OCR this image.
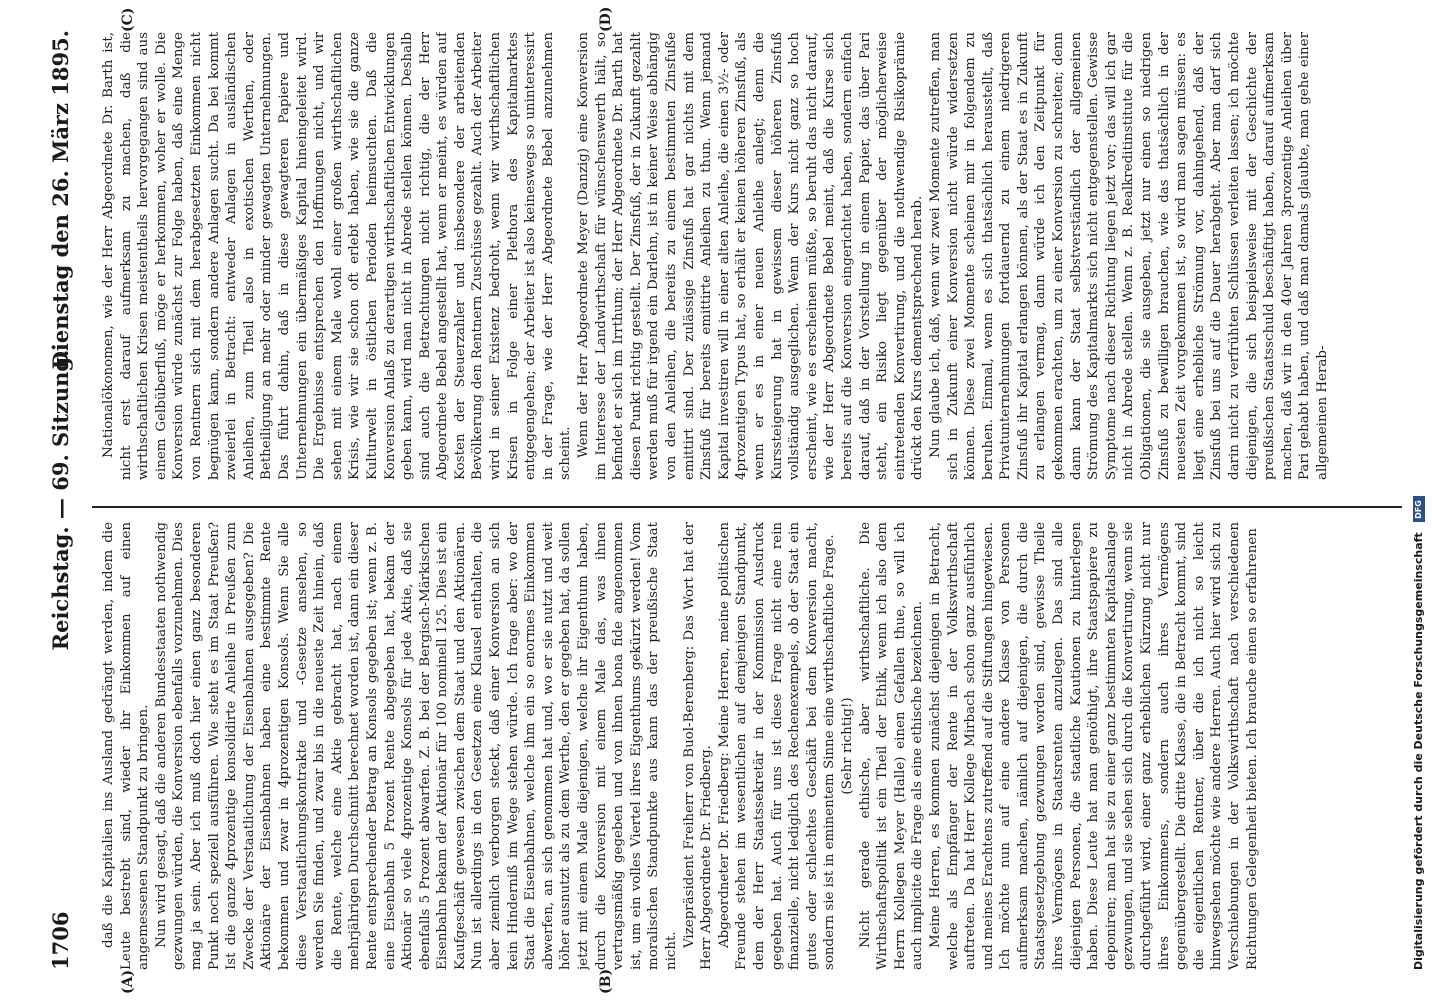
1706
Reichstag. — 69. Sitzung.
Dienstag den 26. März 1895.
(A)	(B)
(C)	(D)

daß die Kapitalien ins Ausland gedrängt werden, indem die Leute bestrebt sind, wieder ihr Einkommen auf einen angemessenen Standpunkt zu bringen. Nun wird gesagt, daß die anderen Bundesstaaten nothwendig gezwungen würden, die Konversion ebenfalls vorzunehmen. Dies mag ja sein. Aber ich muß doch hier einen ganz besonderen Punkt noch speziell ausführen. Wie steht es im Staat Preußen? Ist die ganze 4prozentige konsolidirte Anleihe in Preußen zum Zwecke der Verstaatlichung der Eisenbahnen ausgegeben? Die Aktionäre der Eisenbahnen haben eine bestimmte Rente bekommen und zwar in 4prozentigen Konsols. Wenn Sie alle diese Verstaatlichungskontrakte und -Gesetze ansehen, so werden Sie finden, und zwar bis in die neueste Zeit hinein, daß die Rente, welche eine Aktie gebracht hat, nach einem mehrjährigen Durchschnitt berechnet worden ist, dann ein dieser Rente entsprechender Betrag an Konsols gegeben ist; wenn z. B. eine Eisenbahn 5 Prozent Rente abgegeben hat, bekam der Aktionär so viele 4prozentige Konsols für jede Aktie, daß sie ebenfalls 5 Prozent abwarfen. Z. B. bei der Bergisch-Märkischen Eisenbahn bekam der Aktionär für 100 nominell 125. Dies ist ein Kaufgeschäft gewesen zwischen dem Staat und den Aktionären. Nun ist allerdings in den Gesetzen eine Klausel enthalten, die aber ziemlich verborgen steckt, daß einer Konversion an sich kein Hinderniß im Wege stehen würde. Ich frage aber: wo der Staat die Eisenbahnen, welche ihm ein so enormes Einkommen abwerfen, an sich genommen hat und, wo er sie nutzt und weit höher ausnutzt als zu dem Werthe, den er gegeben hat, da sollen jetzt mit einem Male diejenigen, welche ihr Eigenthum haben, durch die Konversion mit einem Male das, was ihnen vertragsmäßig gegeben und von ihnen bona fide angenommen ist, um ein volles Viertel ihres Eigenthums gekürzt werden! Vom moralischen Standpunkte aus kann das der preußische Staat nicht.

Vizepräsident Freiherr von Buol-Berenberg: Das Wort hat der Herr Abgeordnete Dr. Friedberg. Abgeordneter Dr. Friedberg: Meine Herren, meine politischen Freunde stehen im wesentlichen auf demjenigen Standpunkt, dem der Herr Staatssekretär in der Kommission Ausdruck gegeben hat. Auch für uns ist diese Frage nicht eine rein finanzielle, nicht lediglich des Rechenexempels, ob der Staat ein gutes oder schlechtes Geschäft bei dem Konversion macht, sondern sie ist in eminentem Sinne eine wirthschaftliche Frage. (Sehr richtig!) Nicht gerade ethische, aber wirthschaftliche. Die Wirthschaftspolitik ist ein Theil der Ethik, wenn ich also dem Herrn Kollegen Meyer (Halle) einen Gefallen thue, so will ich auch implicite die Frage als eine ethische bezeichnen. Meine Herren, es kommen zunächst diejenigen in Betracht, welche als Empfänger der Rente in der Volkswirthschaft auftreten. Da hat Herr Kollege Mirbach schon ganz ausführlich und meines Erachtens zutreffend auf die Stiftungen hingewiesen. Ich möchte nun auf eine andere Klasse von Personen aufmerksam machen, nämlich auf diejenigen, die durch die Staatsgesetzgebung gezwungen worden sind, gewisse Theile ihres Vermögens in Staatsrenten anzulegen. Das sind alle diejenigen Personen, die staatliche Kautionen zu hinterlegen haben. Diese Leute hat man genöthigt, ihre Staatspapiere zu deponiren; man hat sie zu einer ganz bestimmten Kapitalsanlage gezwungen, und sie sehen sich durch die Konvertirung, wenn sie durchgeführt wird, einer ganz erheblichen Kürzung nicht nur ihres Einkommens, sondern auch ihres Vermögens gegenübergestellt. Die dritte Klasse, die in Betracht kommt, sind die eigentlichen Rentner, über die ich nicht so leicht hinwegsehen möchte wie andere Herren. Auch hier wird sich zu Verschiebungen in der Volkswirthschaft nach verschiedenen Richtungen Gelegenheit bieten. Ich brauche einen so erfahrenen

Nationalökonomen, wie der Herr Abgeordnete Dr. Barth ist, nicht erst darauf aufmerksam zu machen, daß die wirthschaftlichen Krisen meistentheils hervorgegangen sind aus einem Gelbüberfluß, möge er herkommen, woher er wolle. Die Konversion würde zunächst zur Folge haben, daß eine Menge von Rentnern sich mit dem herabgesetzten Einkommen nicht begnügen kann, sondern andere Anlagen sucht. Da bei kommt zweierlei in Betracht: entweder Anlagen in ausländischen Anleihen, zum Theil also in exotischen Werthen, oder Betheiligung an mehr oder minder gewagten Unternehmungen. Das führt dahin, daß in diese gewagteren Papiere und Unternehmungen ein übermäßiges Kapital hineingeleitet wird. Die Ergebnisse entsprechen den Hoffnungen nicht, und wir sehen mit einem Male wohl einer großen wirthschaftlichen Krisis, wie wir sie schon oft erlebt haben, wie sie die ganze Kulturwelt in östlichen Perioden heimsuchten. Daß die Konversion Anlaß zu derartigen wirthschaftlichen Entwicklungen geben kann, wird man nicht in Abrede stellen können. Deshalb sind auch die Betrachtungen nicht richtig, die der Herr Abgeordnete Bebel angestellt hat, wenn er meint, es würden auf Kosten der Steuerzahler und insbesondere der arbeitenden Bevölkerung den Rentnern Zuschüsse gezahlt. Auch der Arbeiter wird in seiner Existenz bedroht, wenn wir wirthschaftlichen Krisen in Folge einer Plethora des Kapitalmarktes entgegengehen; der Arbeiter ist also keineswegs so uninteressirt in der Frage, wie der Herr Abgeordnete Bebel anzunehmen scheint. Wenn der Herr Abgeordnete Meyer (Danzig) eine Konversion im Interesse der Landwirthschaft für wünschenswerth hält, so befindet er sich im Irrthum; der Herr Abgeordnete Dr. Barth hat diesen Punkt richtig gestellt. Der Zinsfuß, der in Zukunft gezahlt werden muß für irgend ein Darlehn, ist in keiner Weise abhängig von den Anleihen, die bereits zu einem bestimmten Zinsfuße emittirt sind. Der zulässige Zinsfuß hat gar nichts mit dem Zinsfuß für bereits emittirte Anleihen zu thun. Wenn jemand Kapital investiren will in einer alten Anleihe, die einen 3½- oder 4prozentigen Typus hat, so erhält er keinen höheren Zinsfuß, als wenn er es in einer neuen Anleihe anlegt; denn die Kurssteigerung hat in gewissem dieser höheren Zinsfuß vollständig ausgeglichen. Wenn der Kurs nicht ganz so hoch erscheint, wie es erscheinen müßte, so beruht das nicht darauf, wie der Herr Abgeordnete Bebel meint, daß die Kurse sich bereits auf die Konversion eingerichtet haben, sondern einfach darauf, daß in der Vorstellung in einem Papier, das über Pari steht, ein Risiko liegt gegenüber der möglicherweise eintretenden Konvertirung, und die nothwendige Risikoprämie drückt den Kurs dementsprechend herab. Nun glaube ich, daß, wenn wir zwei Momente zutreffen, man sich in Zukunft einer Konversion nicht würde widersetzen können. Diese zwei Momente scheinen mir in folgendem zu beruhen. Einmal, wenn es sich thatsächlich herausstellt, daß Privatunternehmungen fortdauernd zu einem niedrigeren Zinsfuß ihr Kapital erlangen können, als der Staat es in Zukunft zu erlangen vermag, dann würde ich den Zeitpunkt für gekommen erachten, um zu einer Konversion zu schreiten; denn dann kann der Staat selbstverständlich der allgemeinen Strömung des Kapitalmarkts sich nicht entgegenstellen. Gewisse Symptome nach dieser Richtung liegen jetzt vor; das will ich gar nicht in Abrede stellen. Wenn z. B. Realkreditinstitute für die Obligationen, die sie ausgeben, jetzt nur einen so niedrigen Zinsfuß zu bewilligen brauchen, wie das thatsächlich in der neuesten Zeit vorgekommen ist, so wird man sagen müssen: es liegt eine erhebliche Strömung vor, dahingehend, daß der Zinsfuß bei uns auf die Dauer herabgeht. Aber man darf sich darin nicht zu verfrühten Schlüssen verleiten lassen; ich möchte diejenigen, die sich beispielsweise mit der Geschichte der preußischen Staatsschuld beschäftigt haben, darauf aufmerksam machen, daß wir in den 40er Jahren 3prozentige Anleihen über Pari gehabt haben, und daß man damals glaubte, man gehe einer allgemeinen Herab-

Digitalisierung gefördert durch die Deutsche Forschungsgemeinschaft DFG
